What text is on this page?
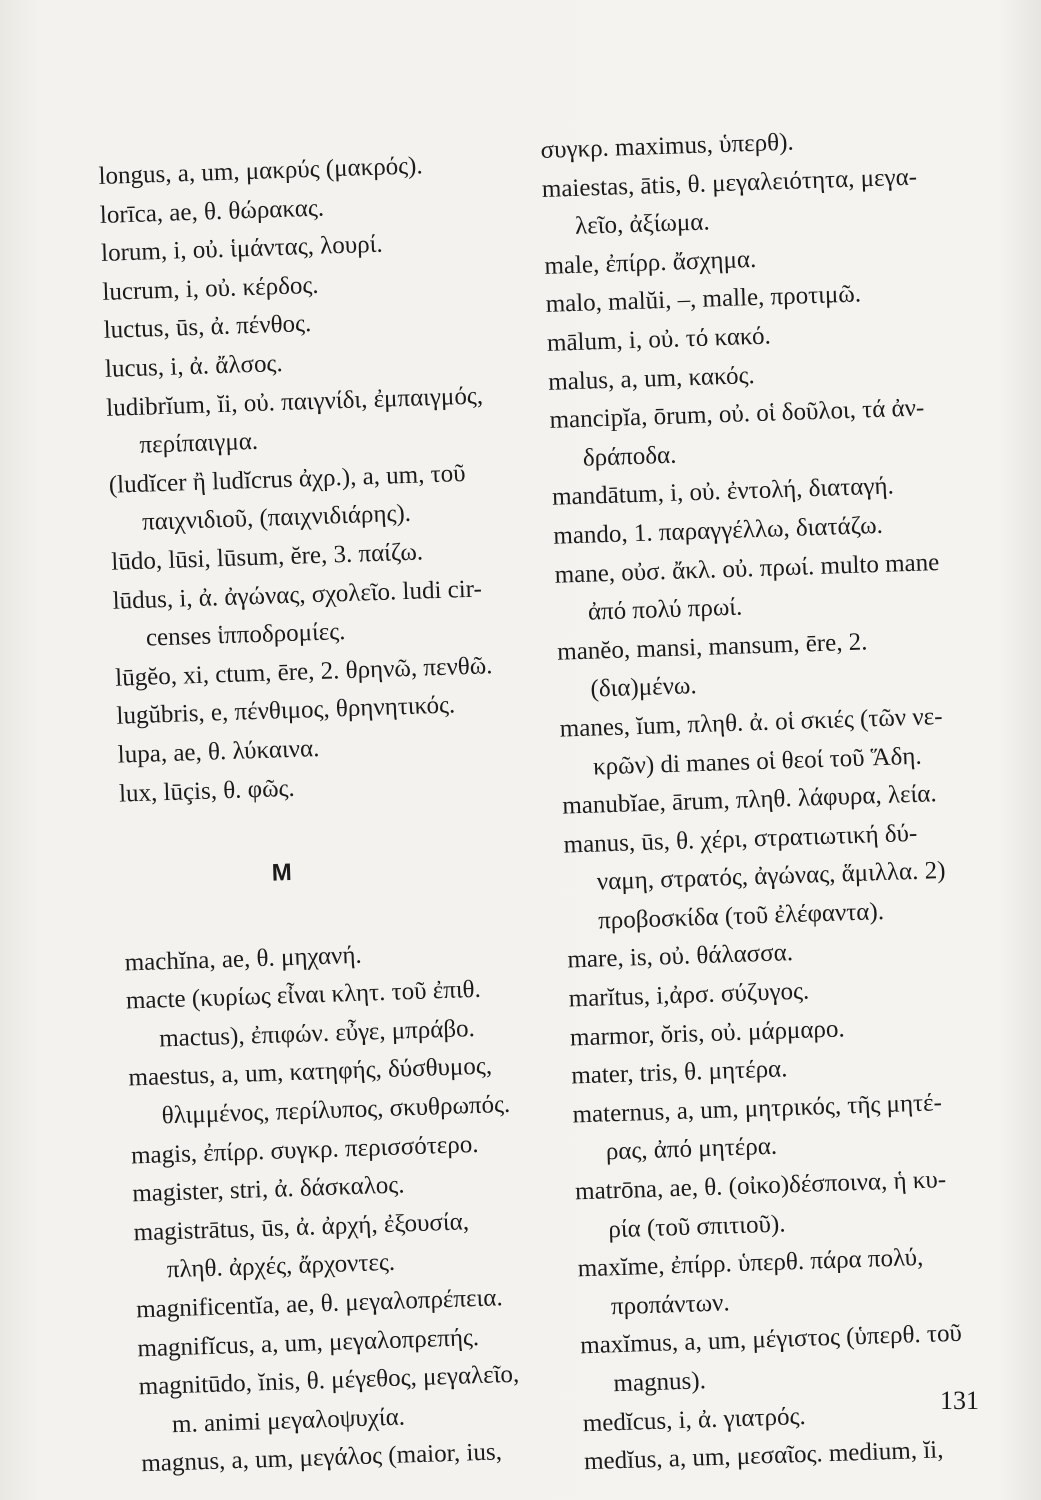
longus, a, um, μακρύς (μακρός).
lorīca, ae, θ. θώρακας.
lorum, i, οὐ. ἱμάντας, λουρί.
lucrum, i, οὐ. κέρδος.
luctus, ūs, ἀ. πένθος.
lucus, i, ἀ. ἄλσος.
ludibrĭum, ĭi, οὐ. παιγνίδι, ἐμπαιγμός,
περίπαιγμα.
(ludĭcer ἢ ludĭcrus ἀχρ.), a, um, τοῦ
παιχνιδιοῦ, (παιχνιδιάρης).
lūdo, lūsi, lūsum, ĕre, 3. παίζω.
lūdus, i, ἀ. ἀγώνας, σχολεῖο. ludi cir-
censes ἱπποδρομίες.
lūgĕo, xi, ctum, ēre, 2. θρηνῶ, πενθῶ.
lugŭbris, e, πένθιμος, θρηνητικός.
lupa, ae, θ. λύκαινα.
lux, lūçis, θ. φῶς.
M
machĭna, ae, θ. μηχανή.
macte (κυρίως εἶναι κλητ. τοῦ ἐπιθ.
mactus), ἐπιφών. εὖγε, μπράβο.
maestus, a, um, κατηφής, δύσθυμος,
θλιμμένος, περίλυπος, σκυθρωπός.
magis, ἐπίρρ. συγκρ. περισσότερο.
magister, stri, ἀ. δάσκαλος.
magistrātus, ūs, ἀ. ἀρχή, ἐξουσία,
πληθ. ἀρχές, ἄρχοντες.
magnificentĭa, ae, θ. μεγαλοπρέπεια.
magnifĭcus, a, um, μεγαλοπρεπής.
magnitūdo, ĭnis, θ. μέγεθος, μεγαλεῖο,
m. animi μεγαλοψυχία.
magnus, a, um, μεγάλος (maior, ius,
συγκρ. maximus, ὑπερθ).
maiestas, ātis, θ. μεγαλειότητα, μεγα-
λεῖο, ἀξίωμα.
male, ἐπίρρ. ἄσχημα.
malo, malŭi, –, malle, προτιμῶ.
mālum, i, οὐ. τό κακό.
malus, a, um, κακός.
mancipĭa, ōrum, οὐ. οἱ δοῦλοι, τά ἀν-
δράποδα.
mandātum, i, οὐ. ἐντολή, διαταγή.
mando, 1. παραγγέλλω, διατάζω.
mane, οὐσ. ἄκλ. οὐ. πρωί. multo mane
ἀπό πολύ πρωί.
manĕo, mansi, mansum, ēre, 2.
(δια)μένω.
manes, ĭum, πληθ. ἀ. οἱ σκιές (τῶν νε-
κρῶν) di manes οἱ θεοί τοῦ Ἅδη.
manubĭae, ārum, πληθ. λάφυρα, λεία.
manus, ūs, θ. χέρι, στρατιωτική δύ-
ναμη, στρατός, ἀγώνας, ἅμιλλα. 2)
προβοσκίδα (τοῦ ἐλέφαντα).
mare, is, οὐ. θάλασσα.
marĭtus, i,ἀρσ. σύζυγος.
marmor, ŏris, οὐ. μάρμαρο.
mater, tris, θ. μητέρα.
maternus, a, um, μητρικός, τῆς μητέ-
ρας, ἀπό μητέρα.
matrōna, ae, θ. (οἰκο)δέσποινα, ἡ κυ-
ρία (τοῦ σπιτιοῦ).
maxĭme, ἐπίρρ. ὑπερθ. πάρα πολύ,
προπάντων.
maxĭmus, a, um, μέγιστος (ὑπερθ. τοῦ
magnus).
medĭcus, i, ἀ. γιατρός.
medĭus, a, um, μεσαῖος. medium, ĭi,
131
